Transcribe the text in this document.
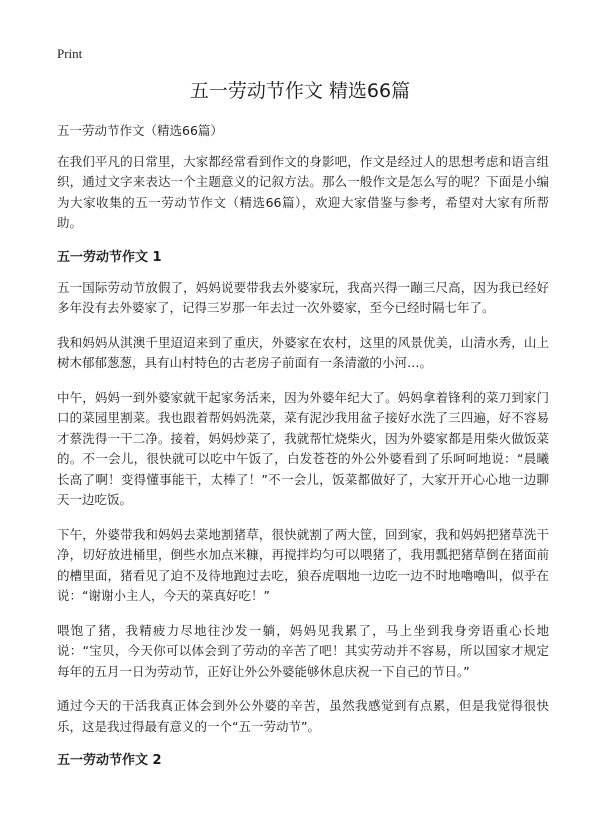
Print
五一劳动节作文 精选66篇

五一劳动节作文（精选66篇）

在我们平凡的日常里，大家都经常看到作文的身影吧，作文是经过人的思想考虑和语言组织，通过文字来表达一个主题意义的记叙方法。那么一般作文是怎么写的呢？下面是小编为大家收集的五一劳动节作文（精选66篇），欢迎大家借鉴与参考，希望对大家有所帮助。

五一劳动节作文 1

五一国际劳动节放假了，妈妈说要带我去外婆家玩，我高兴得一蹦三尺高，因为我已经好多年没有去外婆家了，记得三岁那一年去过一次外婆家，至今已经时隔七年了。

我和妈妈从淇澳千里迢迢来到了重庆，外婆家在农村，这里的风景优美，山清水秀，山上树木郁郁葱葱，具有山村特色的古老房子前面有一条清澈的小河…。

中午，妈妈一到外婆家就干起家务活来，因为外婆年纪大了。妈妈拿着锋利的菜刀到家门口的菜园里割菜。我也跟着帮妈妈洗菜，菜有泥沙我用盆子接好水洗了三四遍，好不容易才蔡洗得一干二净。接着，妈妈炒菜了，我就帮忙烧柴火，因为外婆家都是用柴火做饭菜的。不一会儿，很快就可以吃中午饭了，白发苍苍的外公外婆看到了乐呵呵地说：“晨曦长高了啊！变得懂事能干，太棒了！”不一会儿，饭菜都做好了，大家开开心心地一边聊天一边吃饭。

下午，外婆带我和妈妈去菜地割猪草，很快就割了两大筐，回到家，我和妈妈把猪草洗干净，切好放进桶里，倒些水加点米糠，再搅拌均匀可以喂猪了，我用瓢把猪草倒在猪面前的槽里面，猪看见了迫不及待地跑过去吃，狼吞虎咽地一边吃一边不时地嚕嚕叫，似乎在说：“谢谢小主人，今天的菜真好吃！”

喂饱了猪，我精疲力尽地往沙发一躺，妈妈见我累了，马上坐到我身旁语重心长地说：“宝贝，今天你可以体会到了劳动的辛苦了吧！其实劳动并不容易，所以国家才规定每年的五月一日为劳动节，正好让外公外婆能够休息庆祝一下自己的节日。”

通过今天的干活我真正体会到外公外婆的辛苦，虽然我感觉到有点累，但是我觉得很快乐，这是我过得最有意义的一个“五一劳动节”。

五一劳动节作文 2
